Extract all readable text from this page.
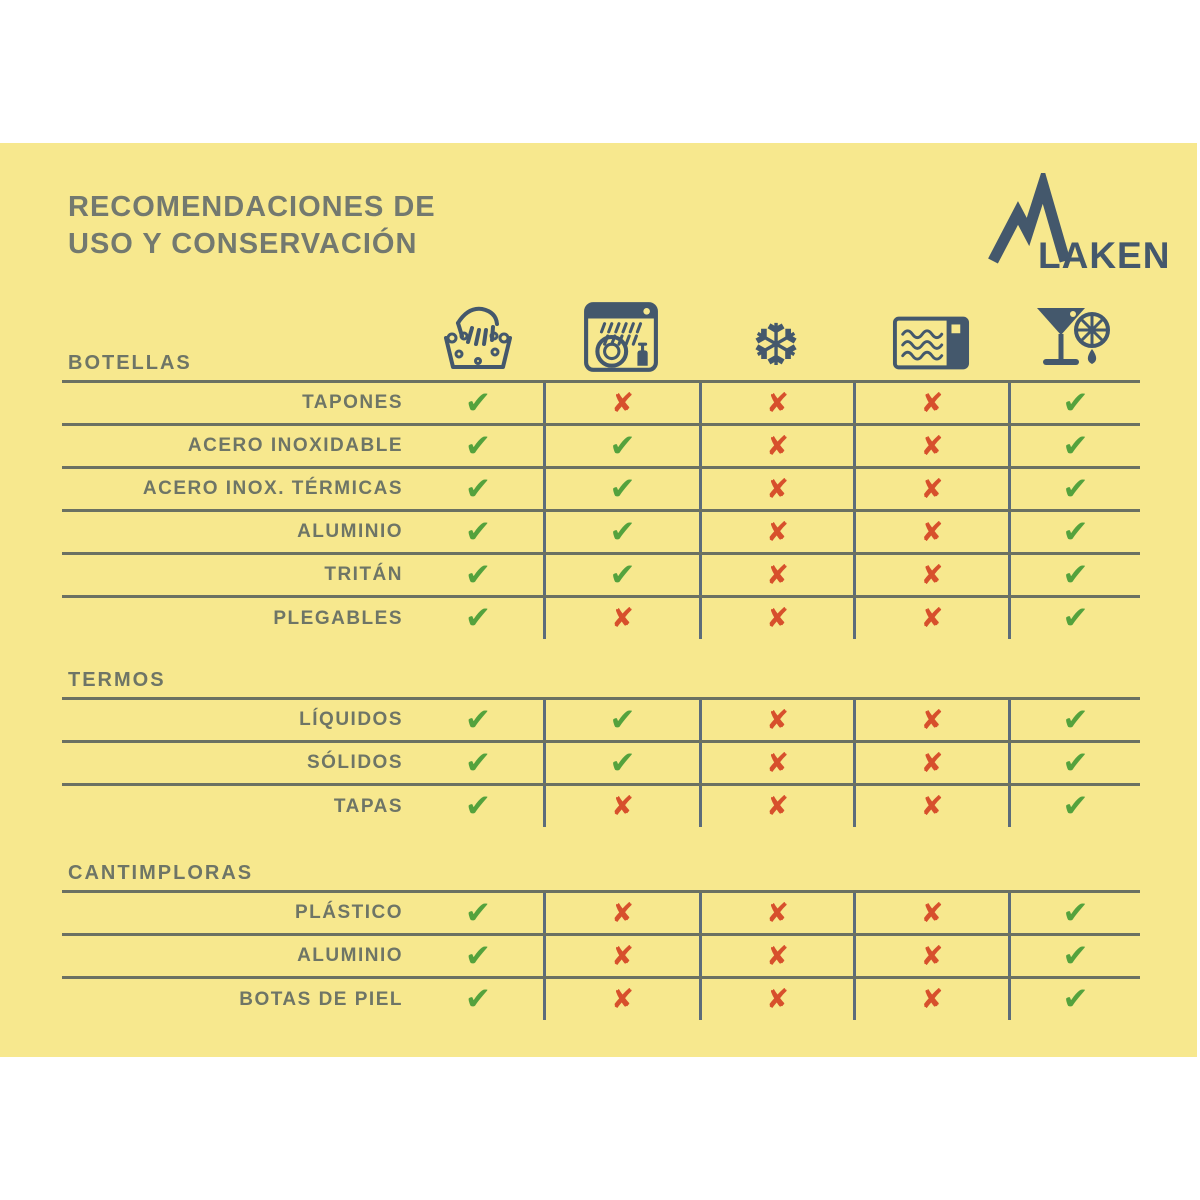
RECOMENDACIONES DE
USO Y CONSERVACIÓN	LAKEN
BOTELLAS	❆
TAPONES	✔	✘	✘	✘	✔
ACERO INOXIDABLE	✔	✔	✘	✘	✔
ACERO INOX. TÉRMICAS	✔	✔	✘	✘	✔
ALUMINIO	✔	✔	✘	✘	✔
TRITÁN	✔	✔	✘	✘	✔
PLEGABLES	✔	✘	✘	✘	✔
TERMOS
LÍQUIDOS	✔	✔	✘	✘	✔
SÓLIDOS	✔	✔	✘	✘	✔
TAPAS	✔	✘	✘	✘	✔
CANTIMPLORAS
PLÁSTICO	✔	✘	✘	✘	✔
ALUMINIO	✔	✘	✘	✘	✔
BOTAS DE PIEL	✔	✘	✘	✘	✔
